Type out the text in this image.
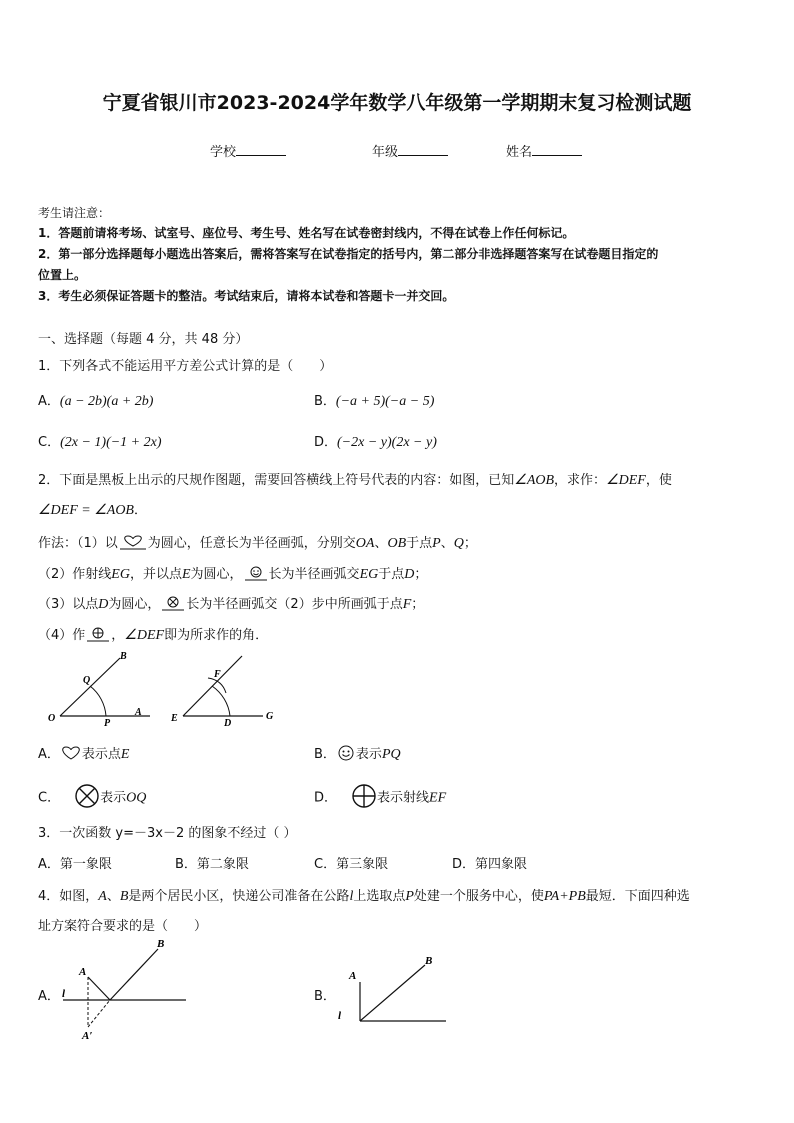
宁夏省银川市2023-2024学年数学八年级第一学期期末复习检测试题
学校	年级	姓名
考生请注意：
1．答题前请将考场、试室号、座位号、考生号、姓名写在试卷密封线内，不得在试卷上作任何标记。
2．第一部分选择题每小题选出答案后，需将答案写在试卷指定的括号内，第二部分非选择题答案写在试卷题目指定的
位置上。
3．考生必须保证答题卡的整洁。考试结束后，请将本试卷和答题卡一并交回。
一、选择题（每题 4 分，共 48 分）
1．下列各式不能运用平方差公式计算的是（　　）
A．(a − 2b)(a + 2b)	B．(−a + 5)(−a − 5)
C．(2x − 1)(−1 + 2x)	D．(−2x − y)(2x − y)
2．下面是黑板上出示的尺规作图题，需要回答横线上符号代表的内容：如图，已知∠AOB，求作：∠DEF，使
∠DEF = ∠AOB．
作法：（1）以 为圆心，任意长为半径画弧，分别交OA、OB于点P、Q；
（2）作射线EG，并以点E为圆心， 长为半径画弧交EG于点D；
（3）以点D为圆心， 长为半径画弧交（2）步中所画弧于点F；
（4）作 ，∠DEF即为所求作的角．
B
Q
O	P
A
F
E	D
G
A． 表示点E	B． 表示PQ
C．	表示OQ	D．	表示射线EF
3．一次函数 y=－3x－2 的图象不经过（ ）
A．第一象限	B．第二象限	C．第三象限	D．第四象限
4．如图，A、B是两个居民小区，快递公司准备在公路l上选取点P处建一个服务中心，使PA+PB最短．下面四种选
址方案符合要求的是（　　）
A．
B
A
l
A′
B．
B
A
l
